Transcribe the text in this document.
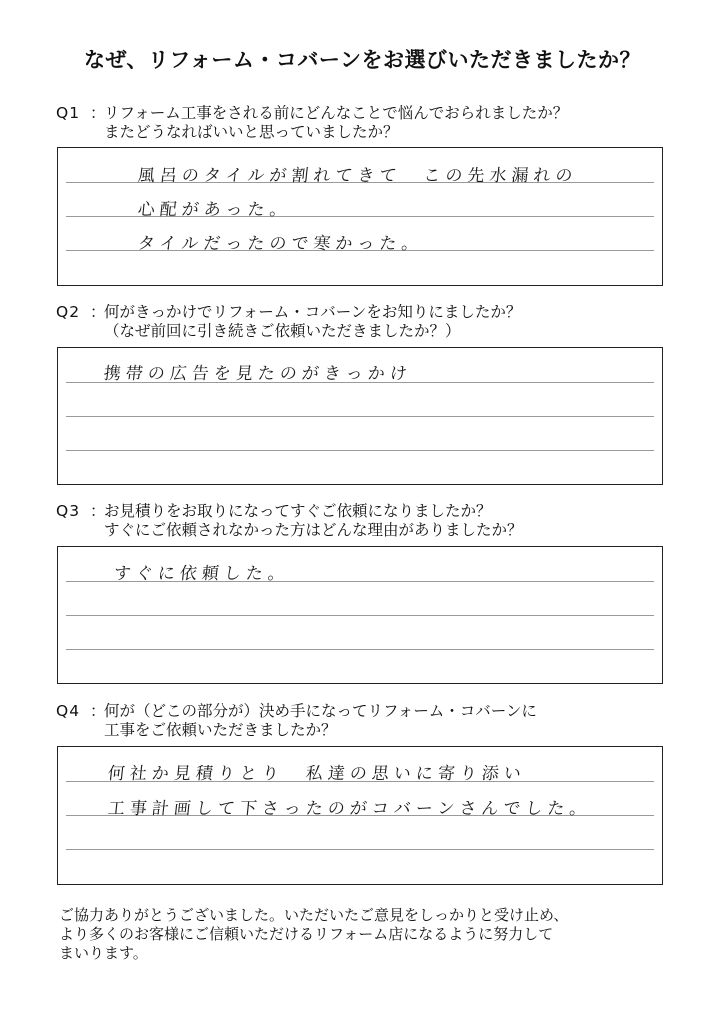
なぜ、リフォーム・コバーンをお選びいただきましたか？
Q1 ：リフォーム工事をされる前にどんなことで悩んでおられましたか？
またどうなればいいと思っていましたか？
風呂のタイルが割れてきて　この先水漏れの
心配があった。
タイルだったので寒かった。
Q2 ：何がきっかけでリフォーム・コバーンをお知りにましたか？
（なぜ前回に引き続きご依頼いただきましたか？）
携帯の広告を見たのがきっかけ
Q3 ：お見積りをお取りになってすぐご依頼になりましたか？
すぐにご依頼されなかった方はどんな理由がありましたか？
すぐに依頼した。
Q4 ：何が（どこの部分が）決め手になってリフォーム・コバーンに
工事をご依頼いただきましたか？
何社か見積りとり　私達の思いに寄り添い
工事計画して下さったのがコバーンさんでした。
ご協力ありがとうございました。いただいたご意見をしっかりと受け止め、
より多くのお客様にご信頼いただけるリフォーム店になるように努力して
まいります。
